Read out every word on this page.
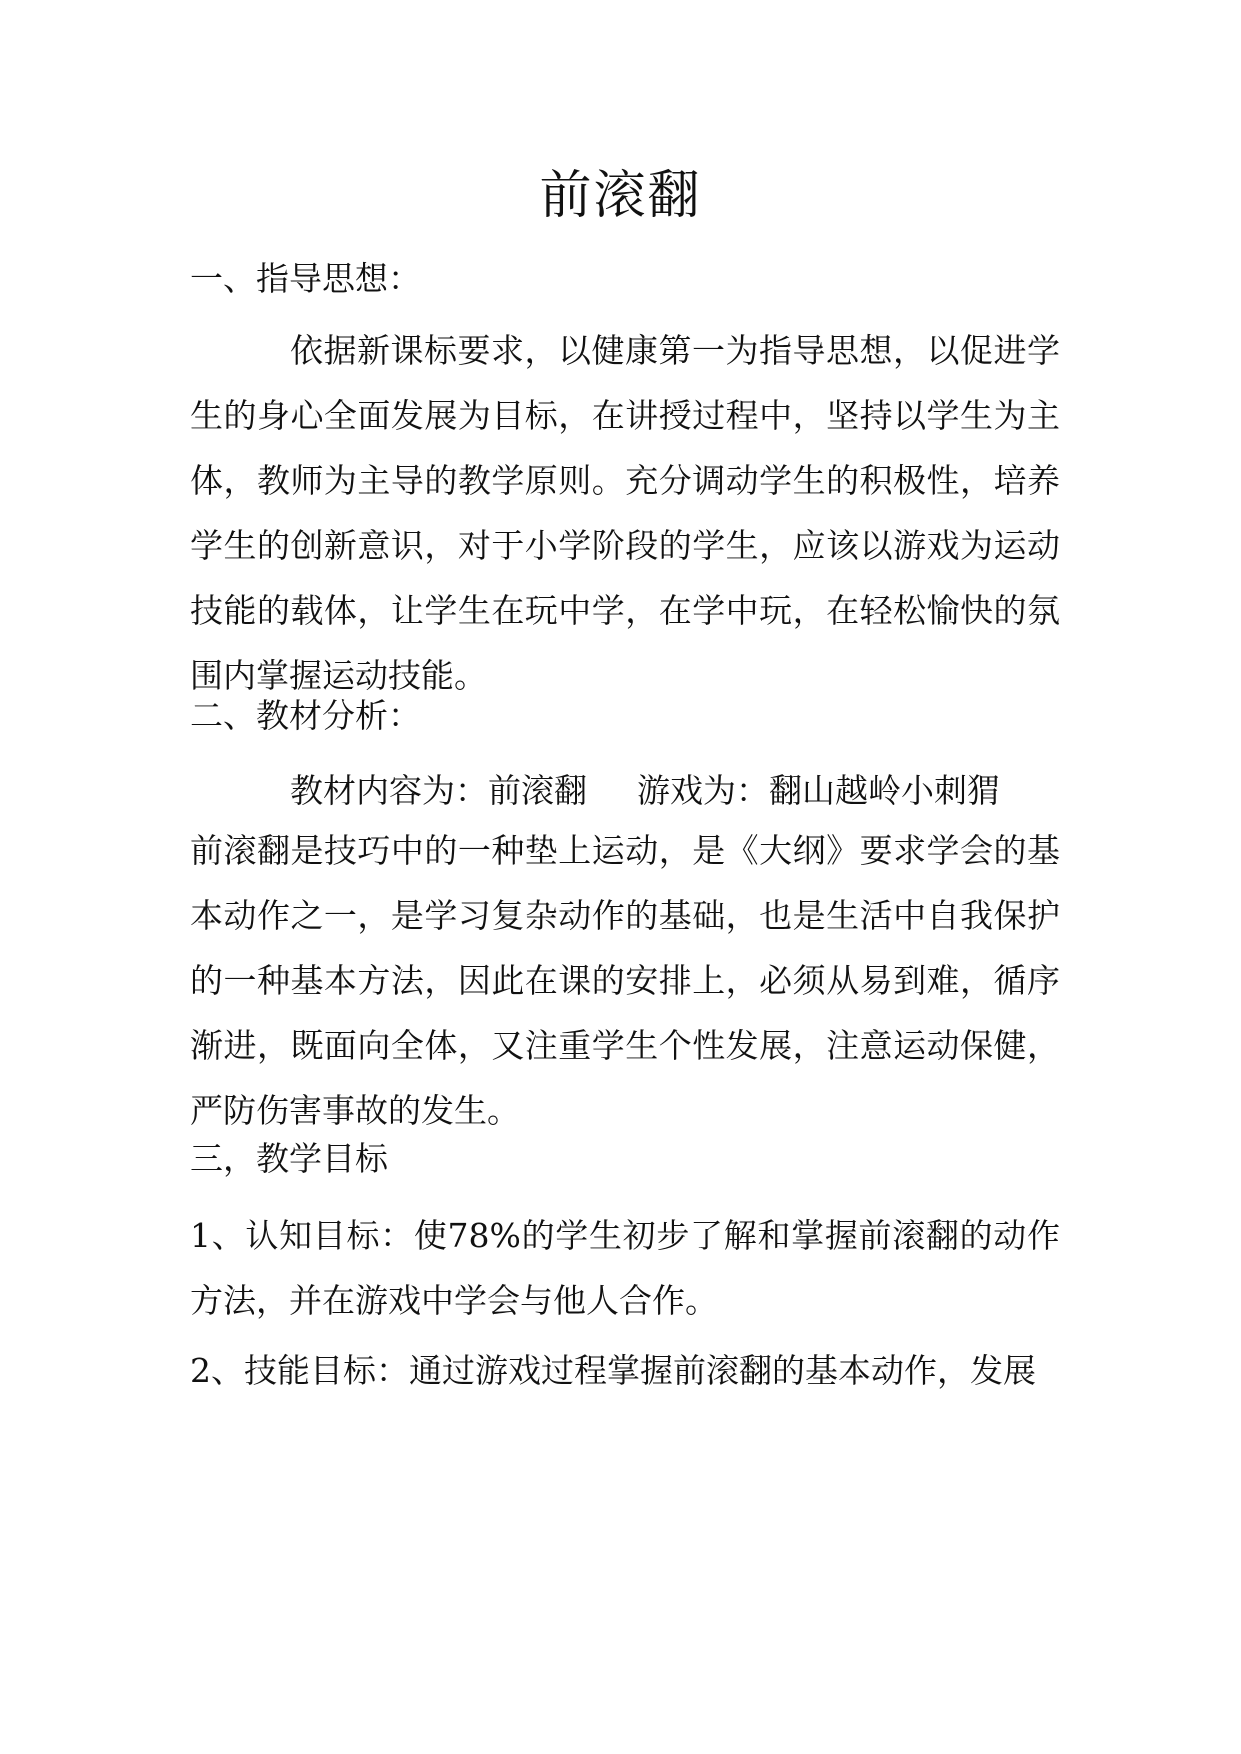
前滚翻
一、指导思想：
依据新课标要求，以健康第一为指导思想，以促进学生的身心全面发展为目标，在讲授过程中，坚持以学生为主体，教师为主导的教学原则。充分调动学生的积极性，培养学生的创新意识，对于小学阶段的学生，应该以游戏为运动技能的载体，让学生在玩中学，在学中玩，在轻松愉快的氛围内掌握运动技能。
二、教材分析：
教材内容为：前滚翻 游戏为：翻山越岭小刺猬
前滚翻是技巧中的一种垫上运动，是《大纲》要求学会的基本动作之一，是学习复杂动作的基础，也是生活中自我保护的一种基本方法，因此在课的安排上，必须从易到难，循序渐进，既面向全体，又注重学生个性发展，注意运动保健，严防伤害事故的发生。
三，教学目标
1、认知目标：使78%的学生初步了解和掌握前滚翻的动作方法，并在游戏中学会与他人合作。
2、技能目标：通过游戏过程掌握前滚翻的基本动作，发展
